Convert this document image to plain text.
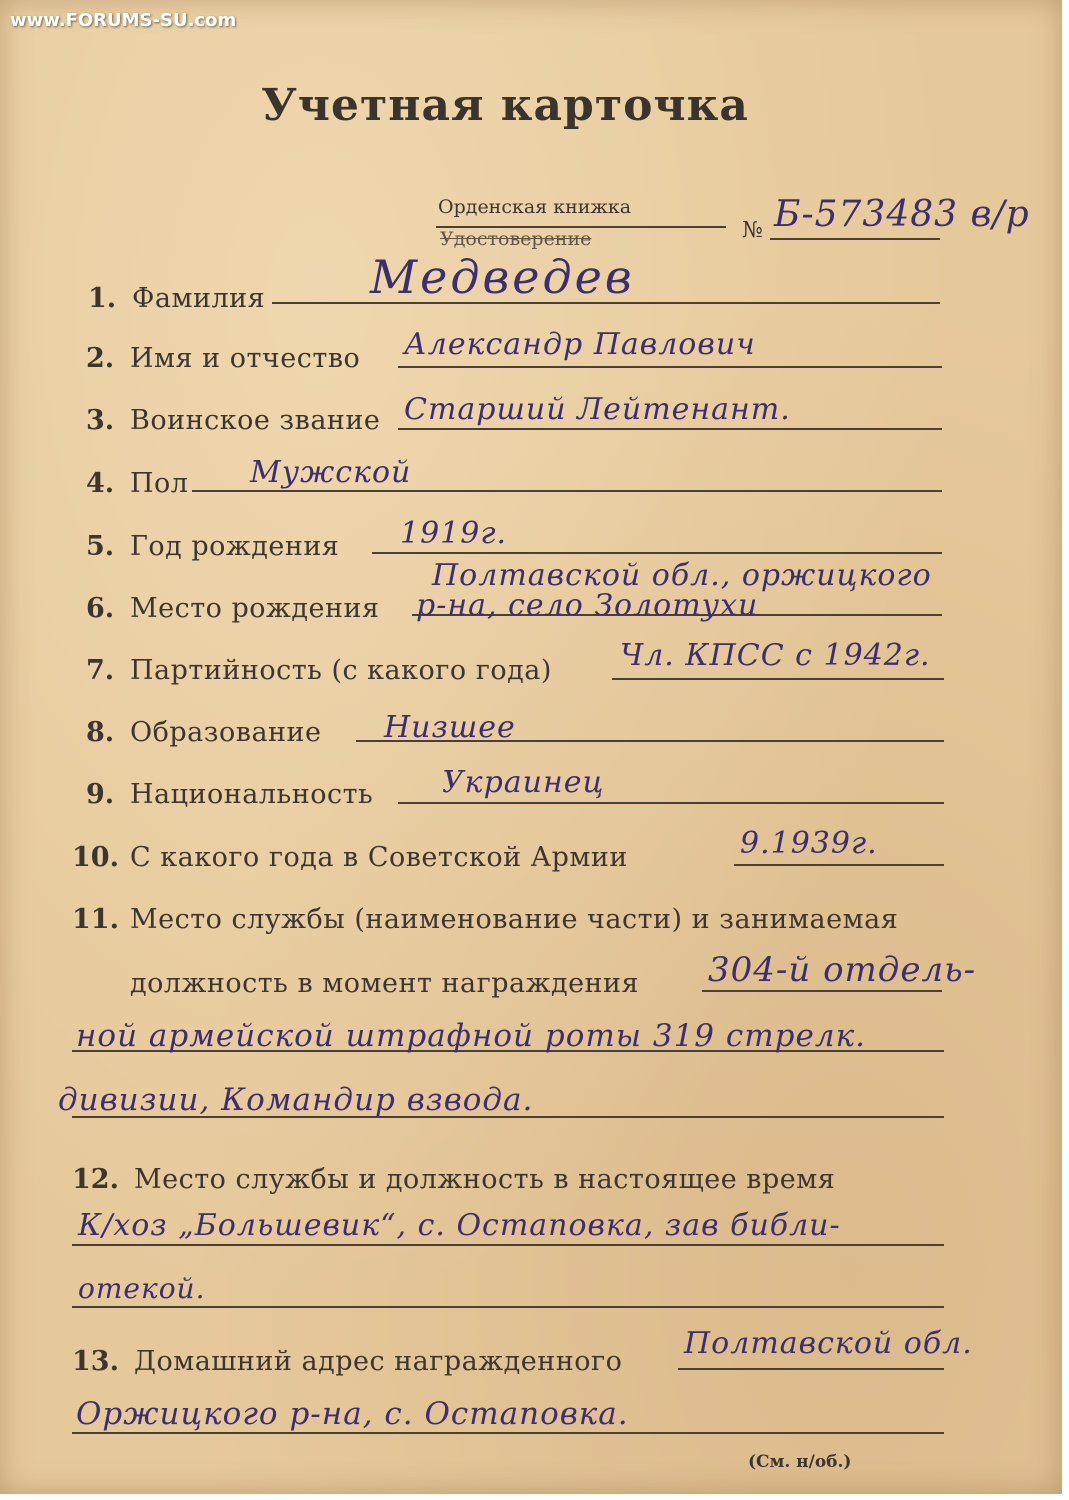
www.FORUMS-SU.com
Учетная карточка
Орденская книжка
Удостоверение	№ Б-573483 в/р
1. Фамилия Медведев
2. Имя и отчество Александр Павлович
3. Воинское звание Старший Лейтенант.
4. Пол Мужской
5. Год рождения 1919г.
Полтавской обл., оржицкого
6. Место рождения р-на, село Золотухи
7. Партийность (с какого года) Чл. КПСС с 1942г.
8. Образование Низшее
9. Национальность Украинец
10. С какого года в Советской Армии	9.1939г.
11. Место службы (наименование части) и занимаемая
должность в момент награждения 304-й отдель-
ной армейской штрафной роты 319 стрелк.
дивизии, Командир взвода.
12. Место службы и должность в настоящее время
К/хоз „Большевик“, с. Остаповка, зав библи-
отекой.
13. Домашний адрес награжденного
Полтавской обл.
Оржицкого р-на, с. Остаповка.
(См. н/об.)
